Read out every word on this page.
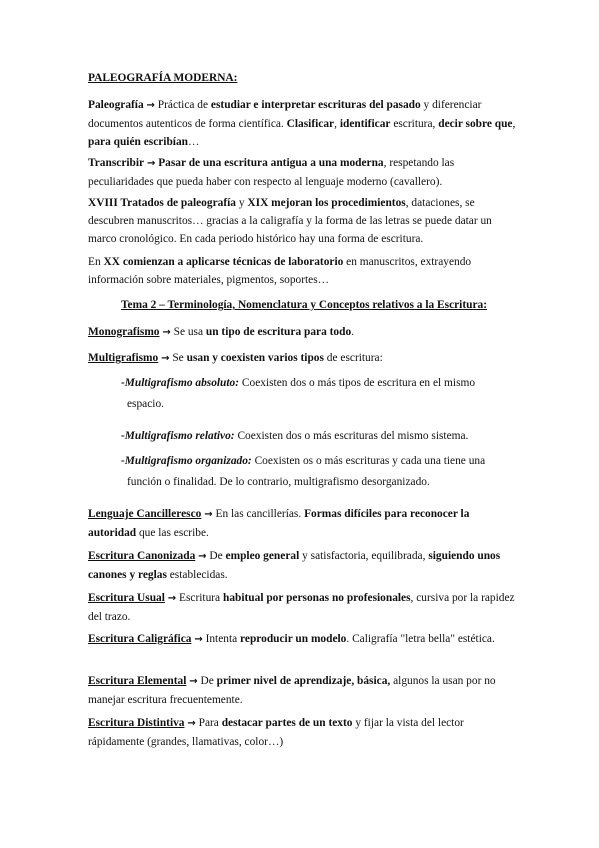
PALEOGRAFÍA MODERNA:

Paleografía → Práctica de estudiar e interpretar escrituras del pasado y diferenciar documentos autenticos de forma científica. Clasificar, identificar escritura, decir sobre que, para quién escribían…

Transcribir → Pasar de una escritura antigua a una moderna, respetando las peculiaridades que pueda haber con respecto al lenguaje moderno (cavallero).

XVIII Tratados de paleografía y XIX mejoran los procedimientos, dataciones, se descubren manuscritos… gracias a la caligrafía y la forma de las letras se puede datar un marco cronológico. En cada periodo histórico hay una forma de escritura.

En XX comienzan a aplicarse técnicas de laboratorio en manuscritos, extrayendo información sobre materiales, pigmentos, soportes…

Tema 2 – Terminología, Nomenclatura y Conceptos relativos a la Escritura:

Monografismo → Se usa un tipo de escritura para todo.

Multigrafismo → Se usan y coexisten varios tipos de escritura:

-Multigrafismo absoluto: Coexisten dos o más tipos de escritura en el mismo
espacio.

-Multigrafismo relativo: Coexisten dos o más escrituras del mismo sistema.

-Multigrafismo organizado: Coexisten os o más escrituras y cada una tiene una
función o finalidad. De lo contrario, multigrafismo desorganizado.

Lenguaje Cancilleresco → En las cancillerías. Formas difíciles para reconocer la autoridad que las escribe.

Escritura Canonizada → De empleo general y satisfactoria, equilibrada, siguiendo unos canones y reglas establecidas.

Escritura Usual → Escritura habitual por personas no profesionales, cursiva por la rapidez del trazo.

Escritura Caligráfica → Intenta reproducir un modelo. Caligrafía "letra bella" estética.

Escritura Elemental → De primer nivel de aprendizaje, básica, algunos la usan por no manejar escritura frecuentemente.

Escritura Distintiva → Para destacar partes de un texto y fijar la vista del lector rápidamente (grandes, llamativas, color…)
